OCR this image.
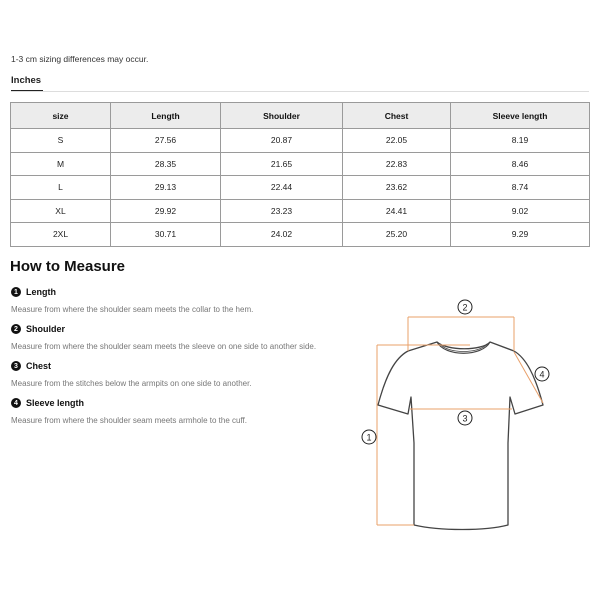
1-3 cm sizing differences may occur.
Inches
size	Length	Shoulder	Chest	Sleeve length
S	27.56	20.87	22.05	8.19
M	28.35	21.65	22.83	8.46
L	29.13	22.44	23.62	8.74
XL	29.92	23.23	24.41	9.02
2XL	30.71	24.02	25.20	9.29
How to Measure
1 Length
Measure from where the shoulder seam meets the collar to the hem.
2 Shoulder
Measure from where the shoulder seam meets the sleeve on one side to another side.
3 Chest
Measure from the stitches below the armpits on one side to another.
4 Sleeve length
Measure from where the shoulder seam meets armhole to the cuff.
1
2
3
4
